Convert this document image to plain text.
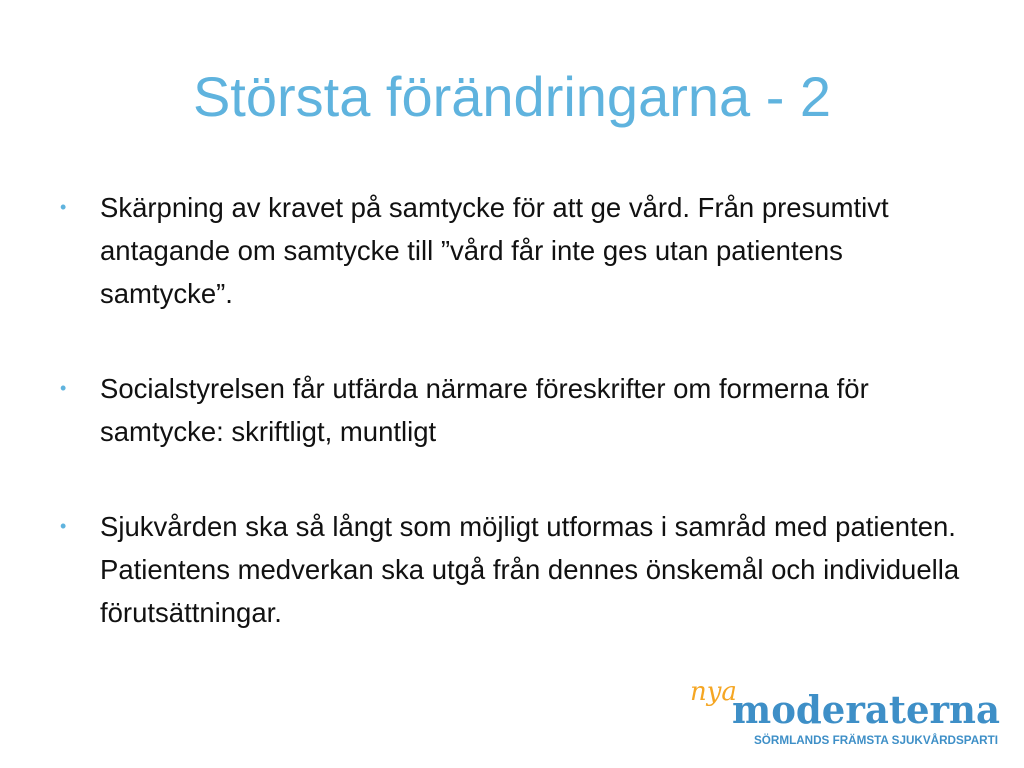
Största förändringarna - 2
• Skärpning av kravet på samtycke för att ge vård. Från presumtivt antagande om samtycke till ”vård får inte ges utan patientens samtycke”.
• Socialstyrelsen får utfärda närmare föreskrifter om formerna för samtycke: skriftligt, muntligt
• Sjukvården ska så långt som möjligt utformas i samråd med patienten. Patientens medverkan ska utgå från dennes önskemål och individuella förutsättningar.
nya
moderaterna
SÖRMLANDS FRÄMSTA SJUKVÅRDSPARTI
